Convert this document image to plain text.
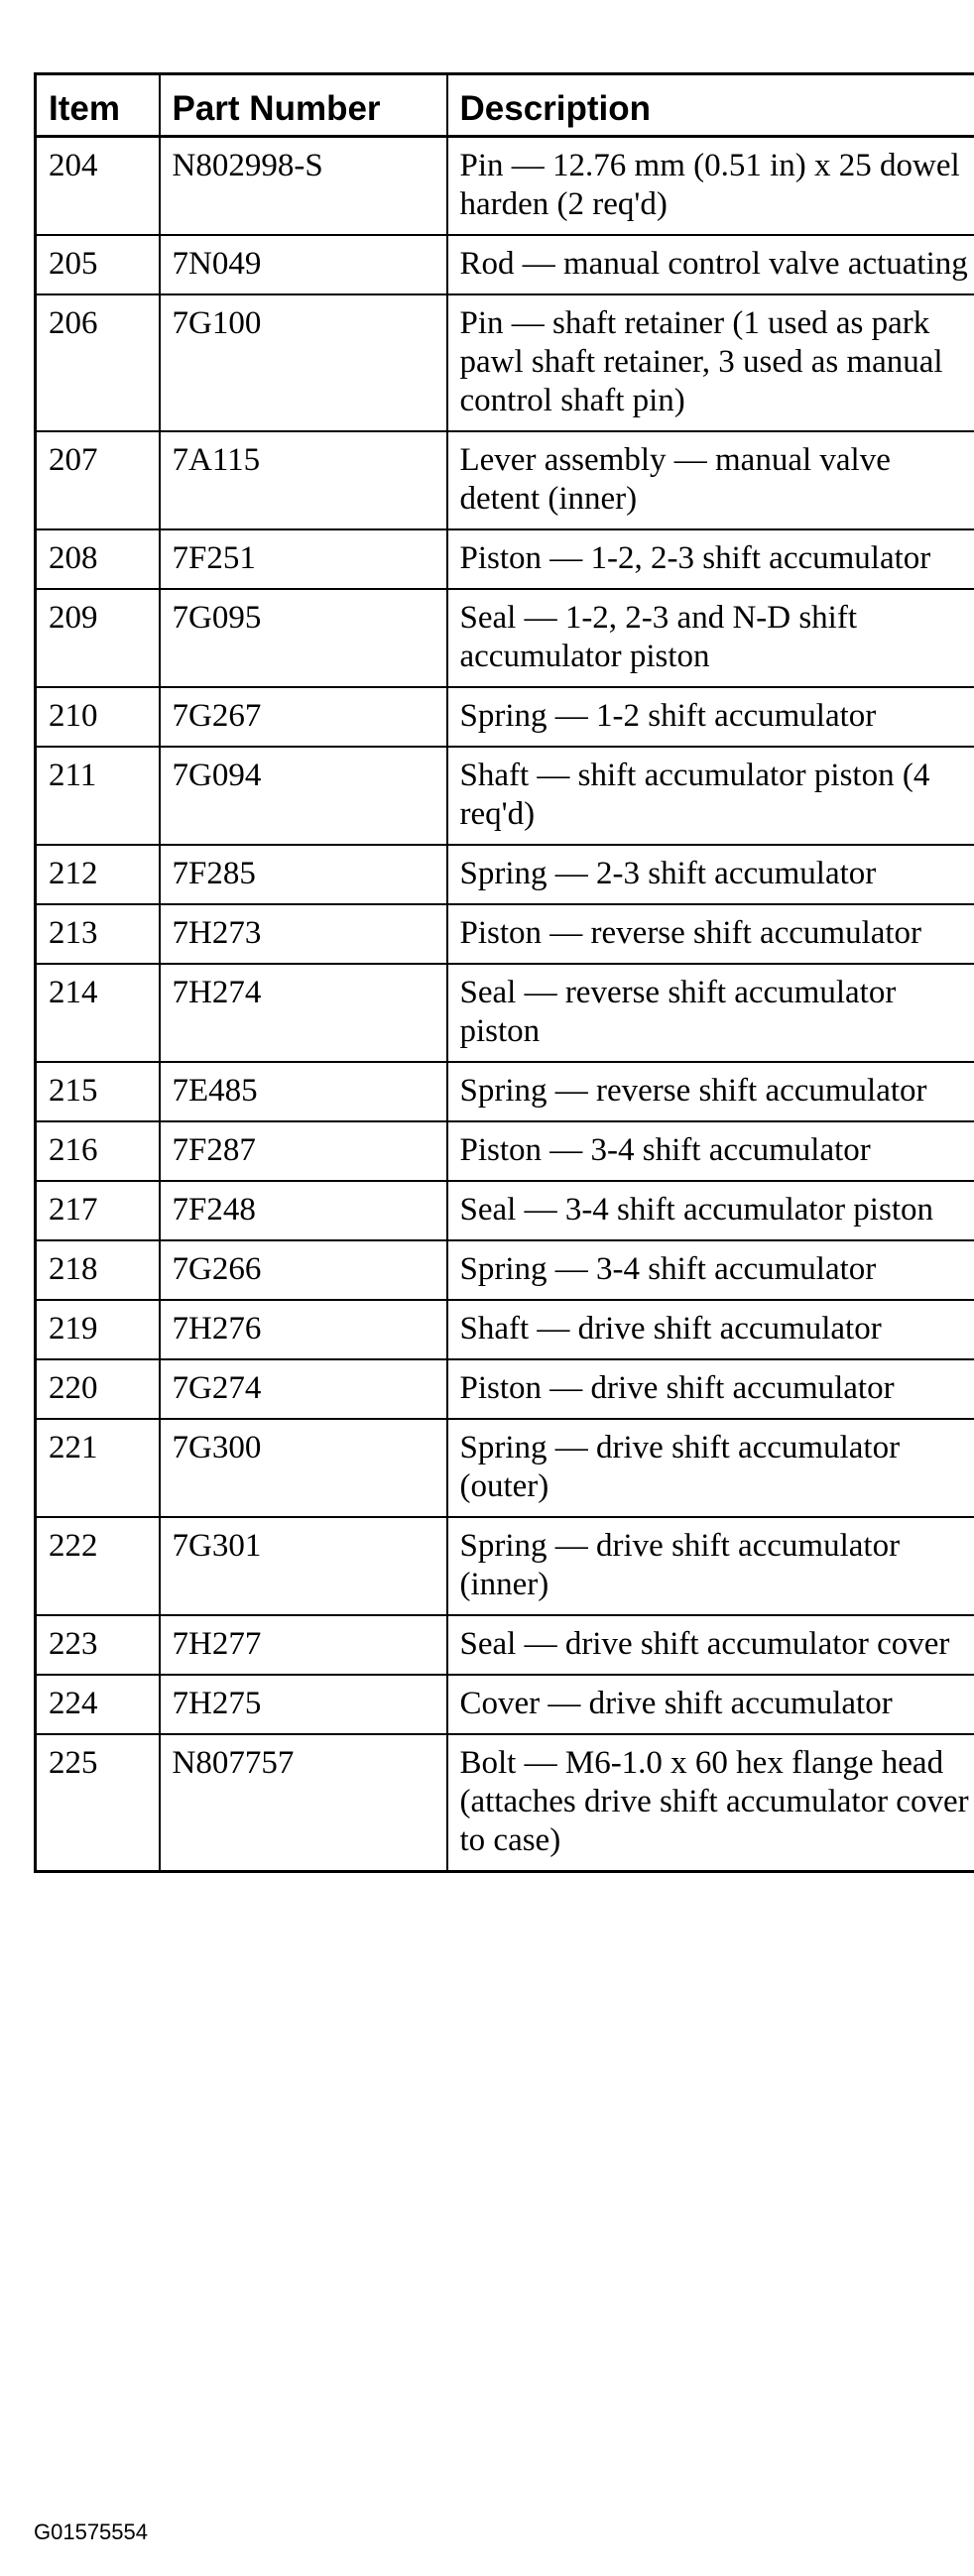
Item	Part Number	Description
204	N802998-S	Pin — 12.76 mm (0.51 in) x 25 dowel harden (2 req'd)
205	7N049	Rod — manual control valve actuating
206	7G100	Pin — shaft retainer (1 used as park pawl shaft retainer, 3 used as manual control shaft pin)
207	7A115	Lever assembly — manual valve detent (inner)
208	7F251	Piston — 1-2, 2-3 shift accumulator
209	7G095	Seal — 1-2, 2-3 and N-D shift accumulator piston
210	7G267	Spring — 1-2 shift accumulator
211	7G094	Shaft — shift accumulator piston (4 req'd)
212	7F285	Spring — 2-3 shift accumulator
213	7H273	Piston — reverse shift accumulator
214	7H274	Seal — reverse shift accumulator piston
215	7E485	Spring — reverse shift accumulator
216	7F287	Piston — 3-4 shift accumulator
217	7F248	Seal — 3-4 shift accumulator piston
218	7G266	Spring — 3-4 shift accumulator
219	7H276	Shaft — drive shift accumulator
220	7G274	Piston — drive shift accumulator
221	7G300	Spring — drive shift accumulator (outer)
222	7G301	Spring — drive shift accumulator (inner)
223	7H277	Seal — drive shift accumulator cover
224	7H275	Cover — drive shift accumulator
225	N807757	Bolt — M6-1.0 x 60 hex flange head (attaches drive shift accumulator cover to case)
G01575554
